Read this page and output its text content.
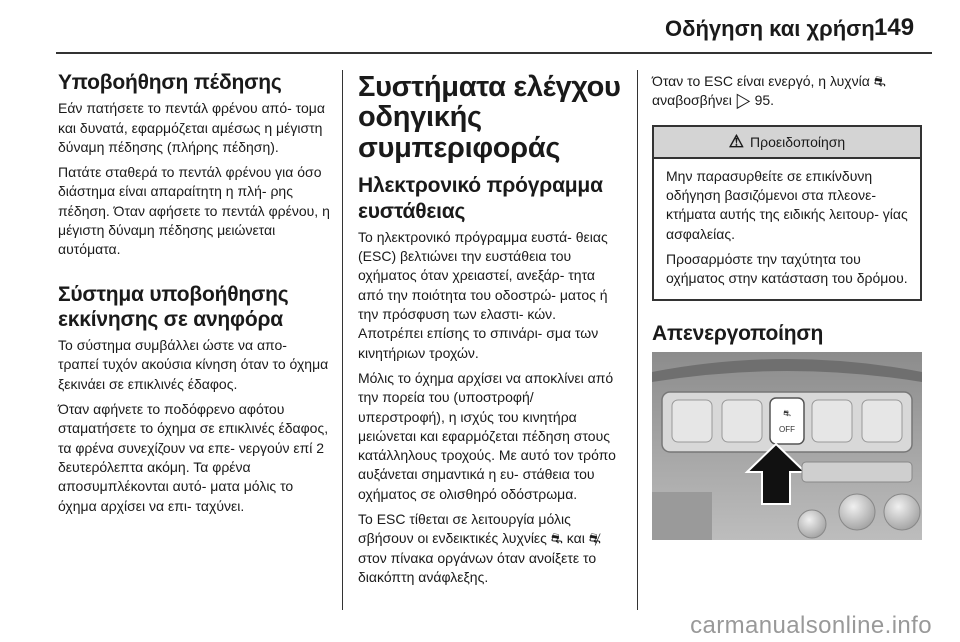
Οδήγηση και χρήση 149
Υποβοήθηση πέδησης

Εάν πατήσετε το πεντάλ φρένου από- τομα και δυνατά, εφαρμόζεται αμέσως η μέγιστη δύναμη πέδησης (πλήρης πέδηση).

Πατάτε σταθερά το πεντάλ φρένου για όσο διάστημα είναι απαραίτητη η πλή- ρης πέδηση. Όταν αφήσετε το πεντάλ φρένου, η μέγιστη δύναμη πέδησης μειώνεται αυτόματα.

Σύστημα υποβοήθησης εκκίνησης σε ανηφόρα

Το σύστημα συμβάλλει ώστε να απο- τραπεί τυχόν ακούσια κίνηση όταν το όχημα ξεκινάει σε επικλινές έδαφος.

Όταν αφήνετε το ποδόφρενο αφότου σταματήσετε το όχημα σε επικλινές έδαφος, τα φρένα συνεχίζουν να επε- νεργούν επί 2 δευτερόλεπτα ακόμη. Τα φρένα αποσυμπλέκονται αυτό- ματα μόλις το όχημα αρχίσει να επι- ταχύνει.

Συστήματα ελέγχου οδηγικής συμπεριφοράς
Ηλεκτρονικό πρόγραμμα ευστάθειας

Το ηλεκτρονικό πρόγραμμα ευστά- θειας (ESC) βελτιώνει την ευστάθεια του οχήματος όταν χρειαστεί, ανεξάρ- τητα από την ποιότητα του οδοστρώ- ματος ή την πρόσφυση των ελαστι- κών. Αποτρέπει επίσης το σπινάρι- σμα των κινητήριων τροχών.

Μόλις το όχημα αρχίσει να αποκλίνει από την πορεία του (υποστροφή/ υπερστροφή), η ισχύς του κινητήρα μειώνεται και εφαρμόζεται πέδηση στους κατάλληλους τροχούς. Με αυτό τον τρόπο αυξάνεται σημαντικά η ευ- στάθεια του οχήματος σε ολισθηρό οδόστρωμα.

Το ESC τίθεται σε λειτουργία μόλις σβήσουν οι ενδεικτικές λυχνίες ⛐ και ⛐̸ στον πίνακα οργάνων όταν ανοίξετε το διακόπτη ανάφλεξης.

Όταν το ESC είναι ενεργό, η λυχνία ⛐ αναβοσβήνει ▷ 95.

⚠ Προειδοποίηση

Μην παρασυρθείτε σε επικίνδυνη οδήγηση βασιζόμενοι στα πλεονε- κτήματα αυτής της ειδικής λειτουρ- γίας ασφαλείας.

Προσαρμόστε την ταχύτητα του οχήματος στην κατάσταση του δρόμου.

Απενεργοποίηση
⛐
OFF
carmanualsonline.info
